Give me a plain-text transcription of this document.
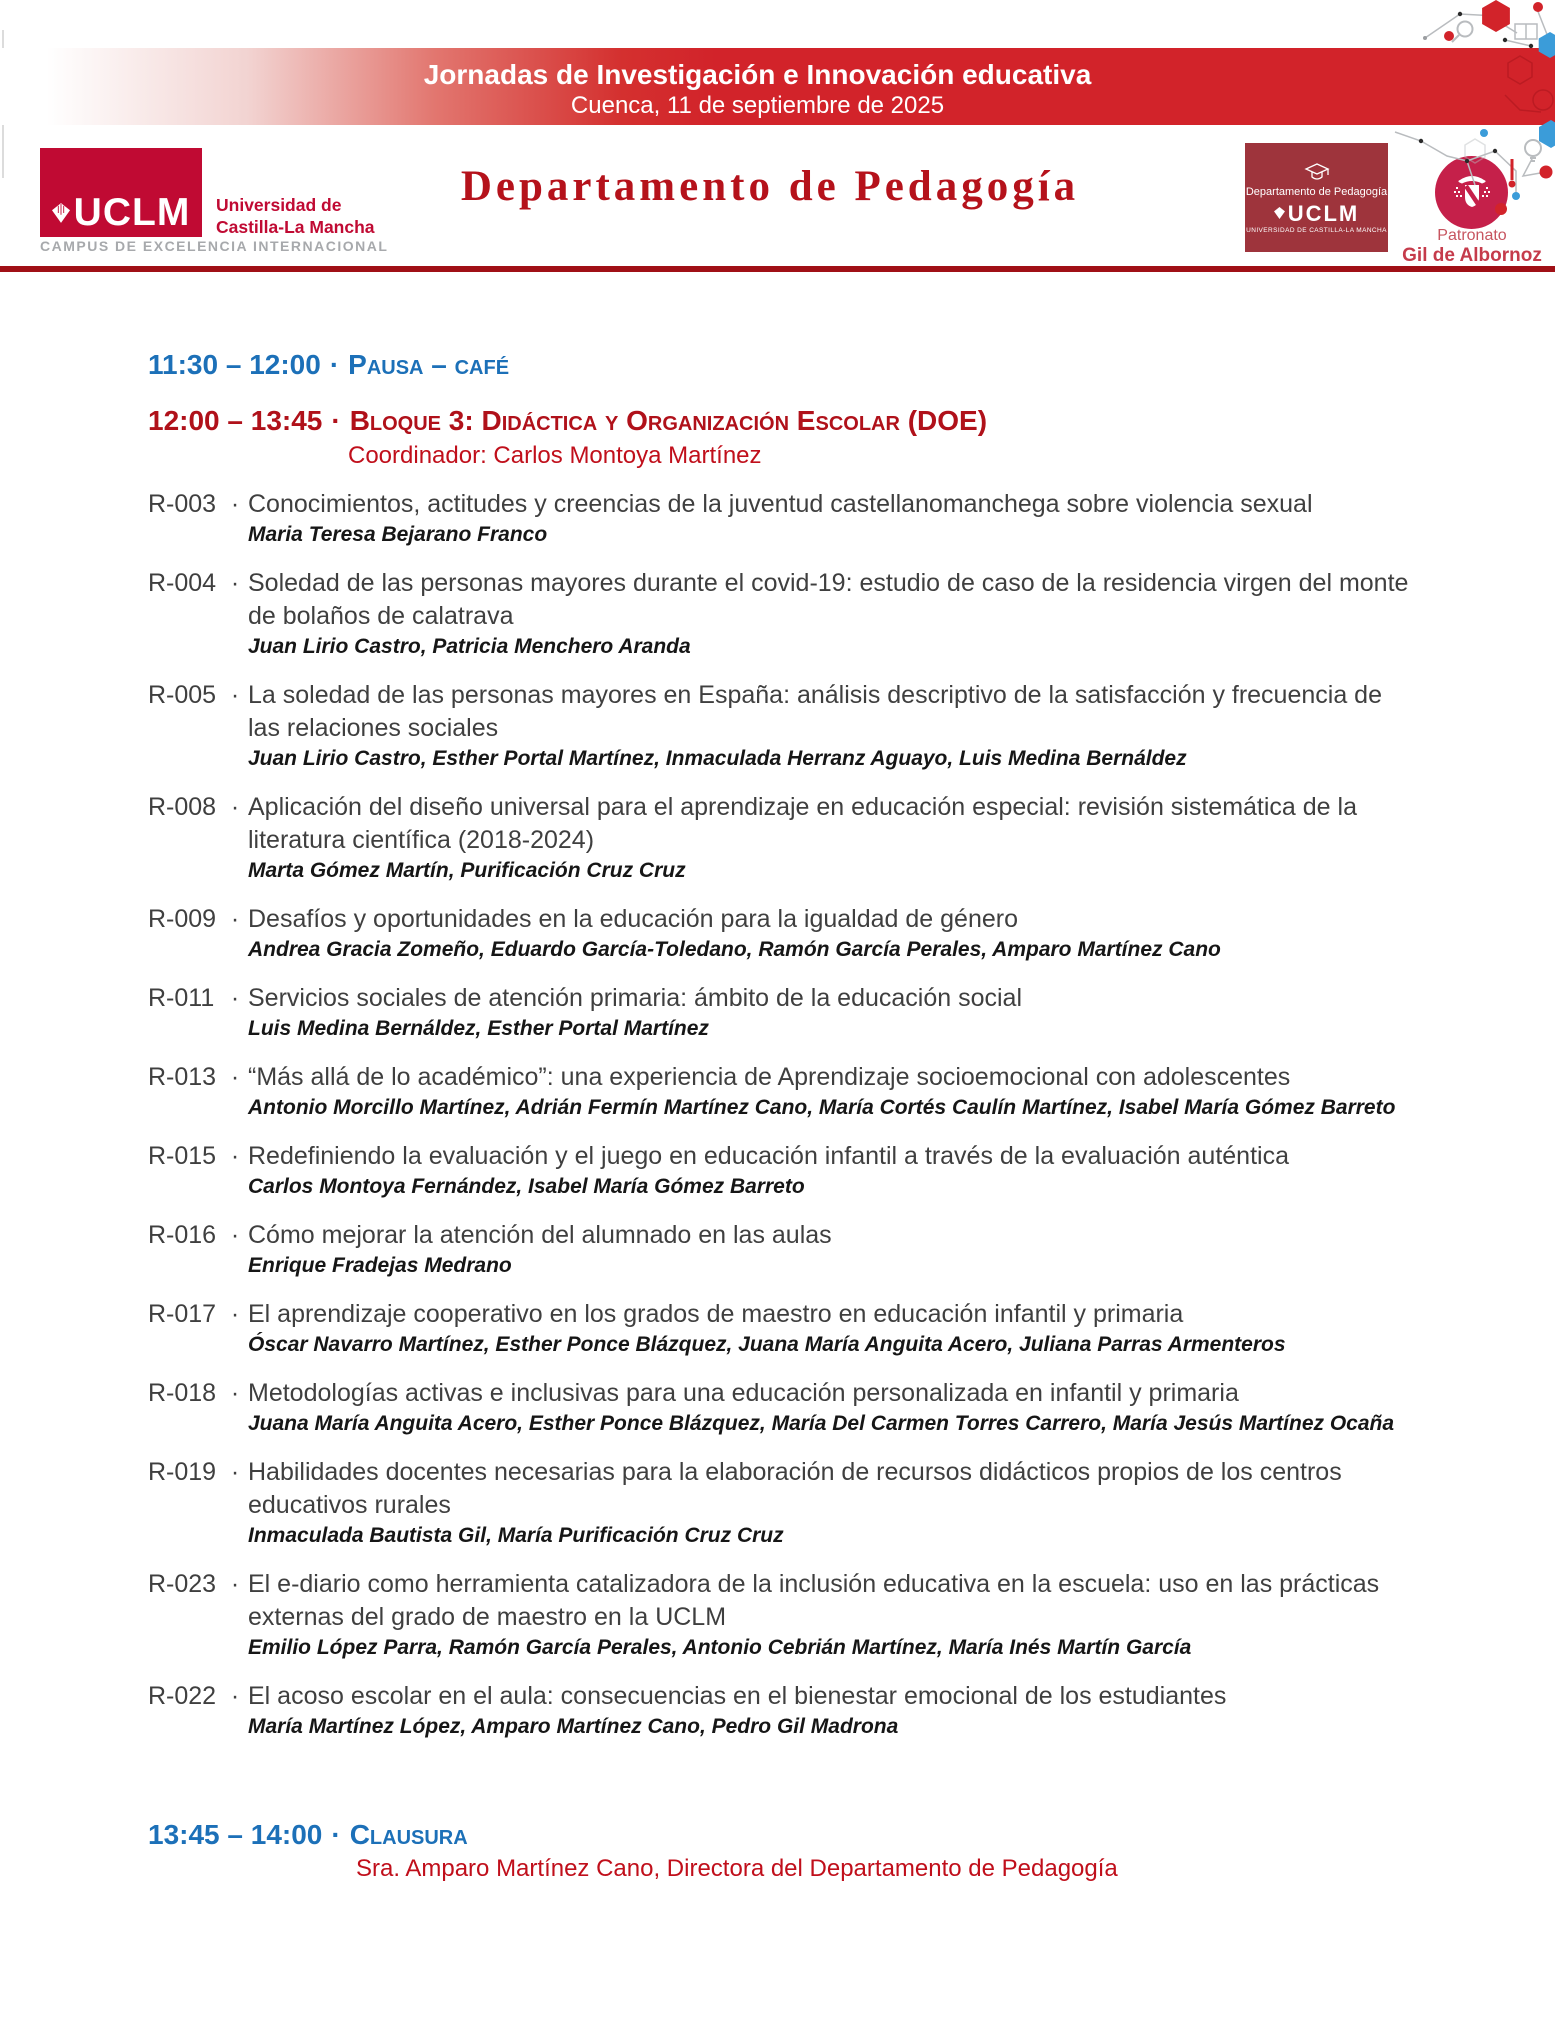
Jornadas de Investigación e Innovación educativa
Cuenca, 11 de septiembre de 2025
UCLM Universidad de
Castilla-La Mancha
CAMPUS DE EXCELENCIA INTERNACIONAL
Departamento de Pedagogía	Departamento de Pedagogía
UCLM
UNIVERSIDAD DE CASTILLA-LA MANCHA	Patronato
Gil de Albornoz
11:30 – 12:00 · Pausa – café
12:00 – 13:45 · Bloque 3: Didáctica y Organización Escolar (DOE)
Coordinador: Carlos Montoya Martínez
R-003 · Conocimientos, actitudes y creencias de la juventud castellanomanchega sobre violencia sexual
Maria Teresa Bejarano Franco
R-004 · Soledad de las personas mayores durante el covid-19: estudio de caso de la residencia virgen del monte de bolaños de calatrava
Juan Lirio Castro, Patricia Menchero Aranda
R-005 · La soledad de las personas mayores en España: análisis descriptivo de la satisfacción y frecuencia de las relaciones sociales
Juan Lirio Castro, Esther Portal Martínez, Inmaculada Herranz Aguayo, Luis Medina Bernáldez
R-008 · Aplicación del diseño universal para el aprendizaje en educación especial: revisión sistemática de la literatura científica (2018-2024)
Marta Gómez Martín, Purificación Cruz Cruz
R-009 · Desafíos y oportunidades en la educación para la igualdad de género
Andrea Gracia Zomeño, Eduardo García-Toledano, Ramón García Perales, Amparo Martínez Cano
R-011 · Servicios sociales de atención primaria: ámbito de la educación social
Luis Medina Bernáldez, Esther Portal Martínez
R-013 · “Más allá de lo académico”: una experiencia de Aprendizaje socioemocional con adolescentes
Antonio Morcillo Martínez, Adrián Fermín Martínez Cano, María Cortés Caulín Martínez, Isabel María Gómez Barreto
R-015 · Redefiniendo la evaluación y el juego en educación infantil a través de la evaluación auténtica
Carlos Montoya Fernández, Isabel María Gómez Barreto
R-016 · Cómo mejorar la atención del alumnado en las aulas
Enrique Fradejas Medrano
R-017 · El aprendizaje cooperativo en los grados de maestro en educación infantil y primaria
Óscar Navarro Martínez, Esther Ponce Blázquez, Juana María Anguita Acero, Juliana Parras Armenteros
R-018 · Metodologías activas e inclusivas para una educación personalizada en infantil y primaria
Juana María Anguita Acero, Esther Ponce Blázquez, María Del Carmen Torres Carrero, María Jesús Martínez Ocaña
R-019 · Habilidades docentes necesarias para la elaboración de recursos didácticos propios de los centros educativos rurales
Inmaculada Bautista Gil, María Purificación Cruz Cruz
R-023 · El e-diario como herramienta catalizadora de la inclusión educativa en la escuela: uso en las prácticas externas del grado de maestro en la UCLM
Emilio López Parra, Ramón García Perales, Antonio Cebrián Martínez, María Inés Martín García
R-022 · El acoso escolar en el aula: consecuencias en el bienestar emocional de los estudiantes
María Martínez López, Amparo Martínez Cano, Pedro Gil Madrona
13:45 – 14:00 · Clausura
Sra. Amparo Martínez Cano, Directora del Departamento de Pedagogía
